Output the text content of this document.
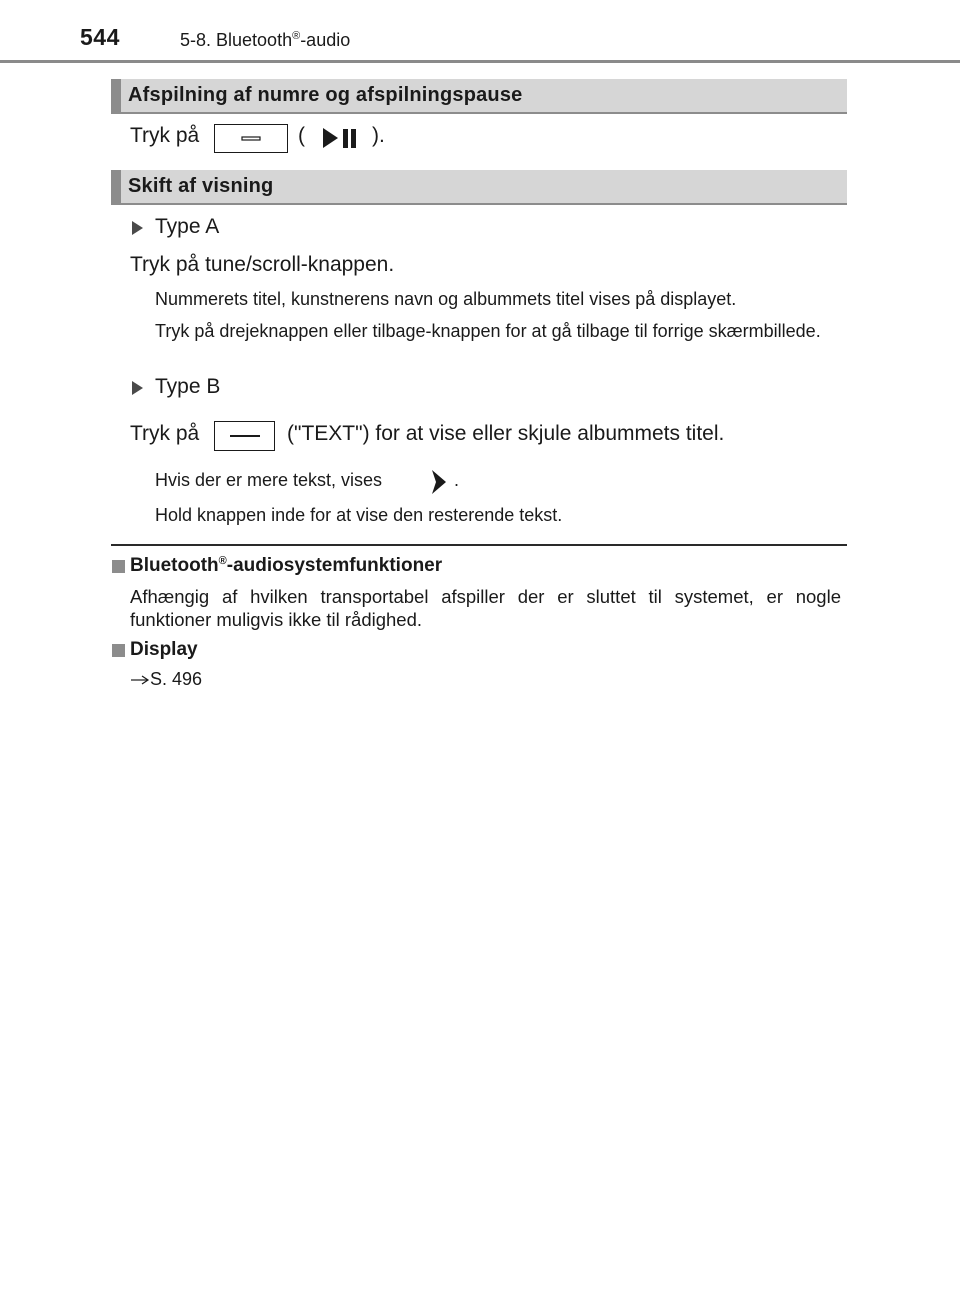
544	5-8. Bluetooth®-audio
Afspilning af numre og afspilningspause
Tryk på	(	).
Skift af visning
Type A
Tryk på tune/scroll-knappen.
Nummerets titel, kunstnerens navn og albummets titel vises på displayet.
Tryk på drejeknappen eller tilbage-knappen for at gå tilbage til forrige skærmbillede.
Type B
Tryk på	("TEXT") for at vise eller skjule albummets titel.
Hvis der er mere tekst, vises	.
Hold knappen inde for at vise den resterende tekst.
Bluetooth®-audiosystemfunktioner
Afhængig af hvilken transportabel afspiller der er sluttet til systemet, er nogle funktioner muligvis ikke til rådighed.
Display
S. 496
